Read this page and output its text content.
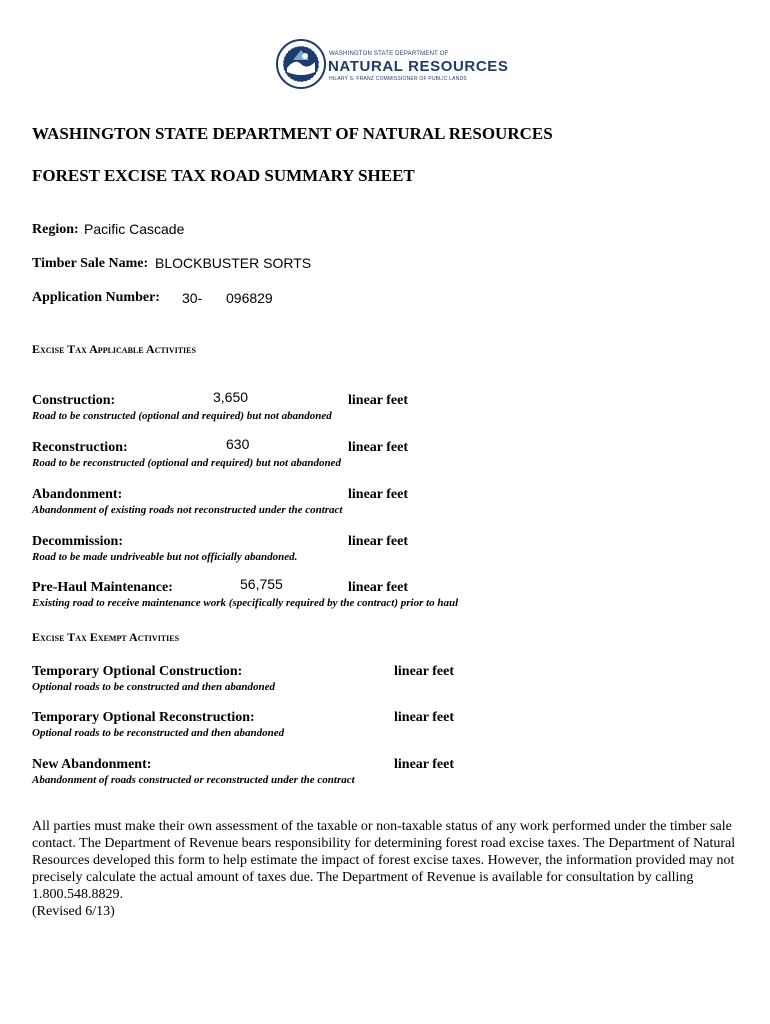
WASHINGTON STATE DEPARTMENT OF
NATURAL RESOURCES
HILARY S. FRANZ COMMISSIONER OF PUBLIC LANDS
WASHINGTON STATE DEPARTMENT OF NATURAL RESOURCES
FOREST EXCISE TAX ROAD SUMMARY SHEET
Region: Pacific Cascade
Timber Sale Name: BLOCKBUSTER SORTS
Application Number: 30- 096829
Excise Tax Applicable Activities
Construction:	3,650	linear feet
Road to be constructed (optional and required) but not abandoned
Reconstruction:	630	linear feet
Road to be reconstructed (optional and required) but not abandoned
Abandonment:	linear feet
Abandonment of existing roads not reconstructed under the contract
Decommission:	linear feet
Road to be made undriveable but not officially abandoned.
Pre-Haul Maintenance:	56,755	linear feet
Existing road to receive maintenance work (specifically required by the contract) prior to haul
Excise Tax Exempt Activities
Temporary Optional Construction:	linear feet
Optional roads to be constructed and then abandoned
Temporary Optional Reconstruction:	linear feet
Optional roads to be reconstructed and then abandoned
New Abandonment:	linear feet
Abandonment of roads constructed or reconstructed under the contract
All parties must make their own assessment of the taxable or non-taxable status of any work performed under the timber sale contact. The Department of Revenue bears responsibility for determining forest road excise taxes. The Department of Natural Resources developed this form to help estimate the impact of forest excise taxes. However, the information provided may not precisely calculate the actual amount of taxes due. The Department of Revenue is available for consultation by calling 1.800.548.8829.
(Revised 6/13)
